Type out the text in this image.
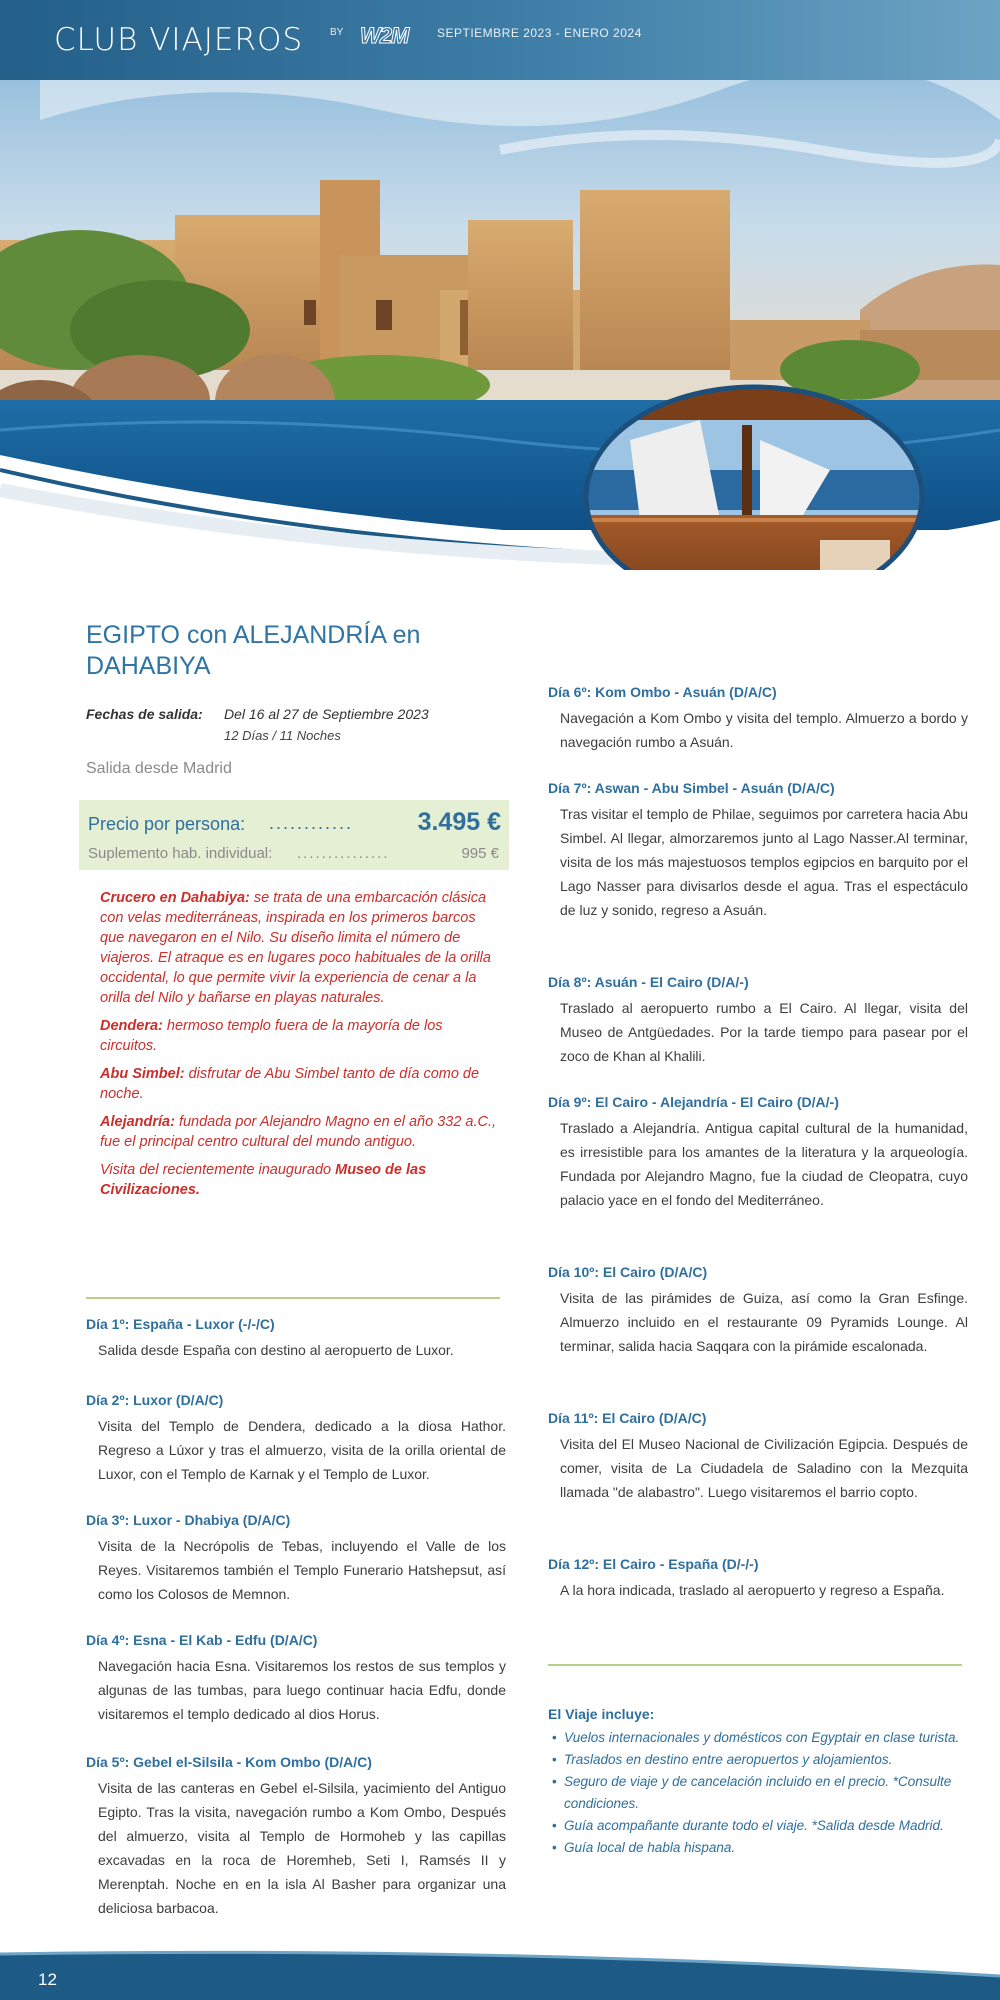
CLUB VIAJEROS	BY W2M SEPTIEMBRE 2023 - ENERO 2024
EGIPTO con ALEJANDRÍA en DAHABIYA
Fechas de salida: Del 16 al 27 de Septiembre 2023
12 Días / 11 Noches
Salida desde Madrid
Precio por persona: ............	3.495 €
Suplemento hab. individual: ...............	995 €

Crucero en Dahabiya: se trata de una embarcación clásica con velas mediterráneas, inspirada en los primeros barcos que navegaron en el Nilo. Su diseño limita el número de viajeros. El atraque es en lugares poco habituales de la orilla occidental, lo que permite vivir la experiencia de cenar a la orilla del Nilo y bañarse en playas naturales.

Dendera: hermoso templo fuera de la mayoría de los circuitos.

Abu Simbel: disfrutar de Abu Simbel tanto de día como de noche.

Alejandría: fundada por Alejandro Magno en el año 332 a.C., fue el principal centro cultural del mundo antiguo.

Visita del recientemente inaugurado Museo de las Civilizaciones.

Día 1º: España - Luxor (-/-/C)
Salida desde España con destino al aeropuerto de Luxor.
Día 2º: Luxor (D/A/C)
Visita del Templo de Dendera, dedicado a la diosa Hathor. Regreso a Lúxor y tras el almuerzo, visita de la orilla oriental de Luxor, con el Templo de Karnak y el Templo de Luxor.
Día 3º: Luxor - Dhabiya (D/A/C)
Visita de la Necrópolis de Tebas, incluyendo el Valle de los Reyes. Visitaremos también el Templo Funerario Hatshepsut, así como los Colosos de Memnon.
Día 4º: Esna - El Kab - Edfu (D/A/C)
Navegación hacia Esna. Visitaremos los restos de sus templos y algunas de las tumbas, para luego continuar hacia Edfu, donde visitaremos el templo dedicado al dios Horus.
Día 5º: Gebel el-Silsila - Kom Ombo (D/A/C)
Visita de las canteras en Gebel el-Silsila, yacimiento del Antiguo Egipto. Tras la visita, navegación rumbo a Kom Ombo, Después del almuerzo, visita al Templo de Hormoheb y las capillas excavadas en la roca de Horemheb, Seti I, Ramsés II y Merenptah. Noche en en la isla Al Basher para organizar una deliciosa barbacoa.
Día 6º: Kom Ombo - Asuán (D/A/C)
Navegación a Kom Ombo y visita del templo. Almuerzo a bordo y navegación rumbo a Asuán.
Día 7º: Aswan - Abu Simbel - Asuán (D/A/C)
Tras visitar el templo de Philae, seguimos por carretera hacia Abu Simbel. Al llegar, almorzaremos junto al Lago Nasser.Al terminar, visita de los más majestuosos templos egipcios en barquito por el Lago Nasser para divisarlos desde el agua. Tras el espectáculo de luz y sonido, regreso a Asuán.
Día 8º: Asuán - El Cairo (D/A/-)
Traslado al aeropuerto rumbo a El Cairo. Al llegar, visita del Museo de Antgüedades. Por la tarde tiempo para pasear por el zoco de Khan al Khalili.
Día 9º: El Cairo - Alejandría - El Cairo (D/A/-)
Traslado a Alejandría. Antigua capital cultural de la humanidad, es irresistible para los amantes de la literatura y la arqueología. Fundada por Alejandro Magno, fue la ciudad de Cleopatra, cuyo palacio yace en el fondo del Mediterráneo.
Día 10º: El Cairo (D/A/C)
Visita de las pirámides de Guiza, así como la Gran Esfinge. Almuerzo incluido en el restaurante 09 Pyramids Lounge. Al terminar, salida hacia Saqqara con la pirámide escalonada.
Día 11º: El Cairo (D/A/C)
Visita del El Museo Nacional de Civilización Egipcia. Después de comer, visita de La Ciudadela de Saladino con la Mezquita llamada "de alabastro". Luego visitaremos el barrio copto.
Día 12º: El Cairo - España (D/-/-)
A la hora indicada, traslado al aeropuerto y regreso a España.
El Viaje incluye:
• Vuelos internacionales y domésticos con Egyptair en clase turista.
• Traslados en destino entre aeropuertos y alojamientos.
• Seguro de viaje y de cancelación incluido en el precio. *Consulte condiciones.
• Guía acompañante durante todo el viaje. *Salida desde Madrid.
• Guía local de habla hispana.
12
